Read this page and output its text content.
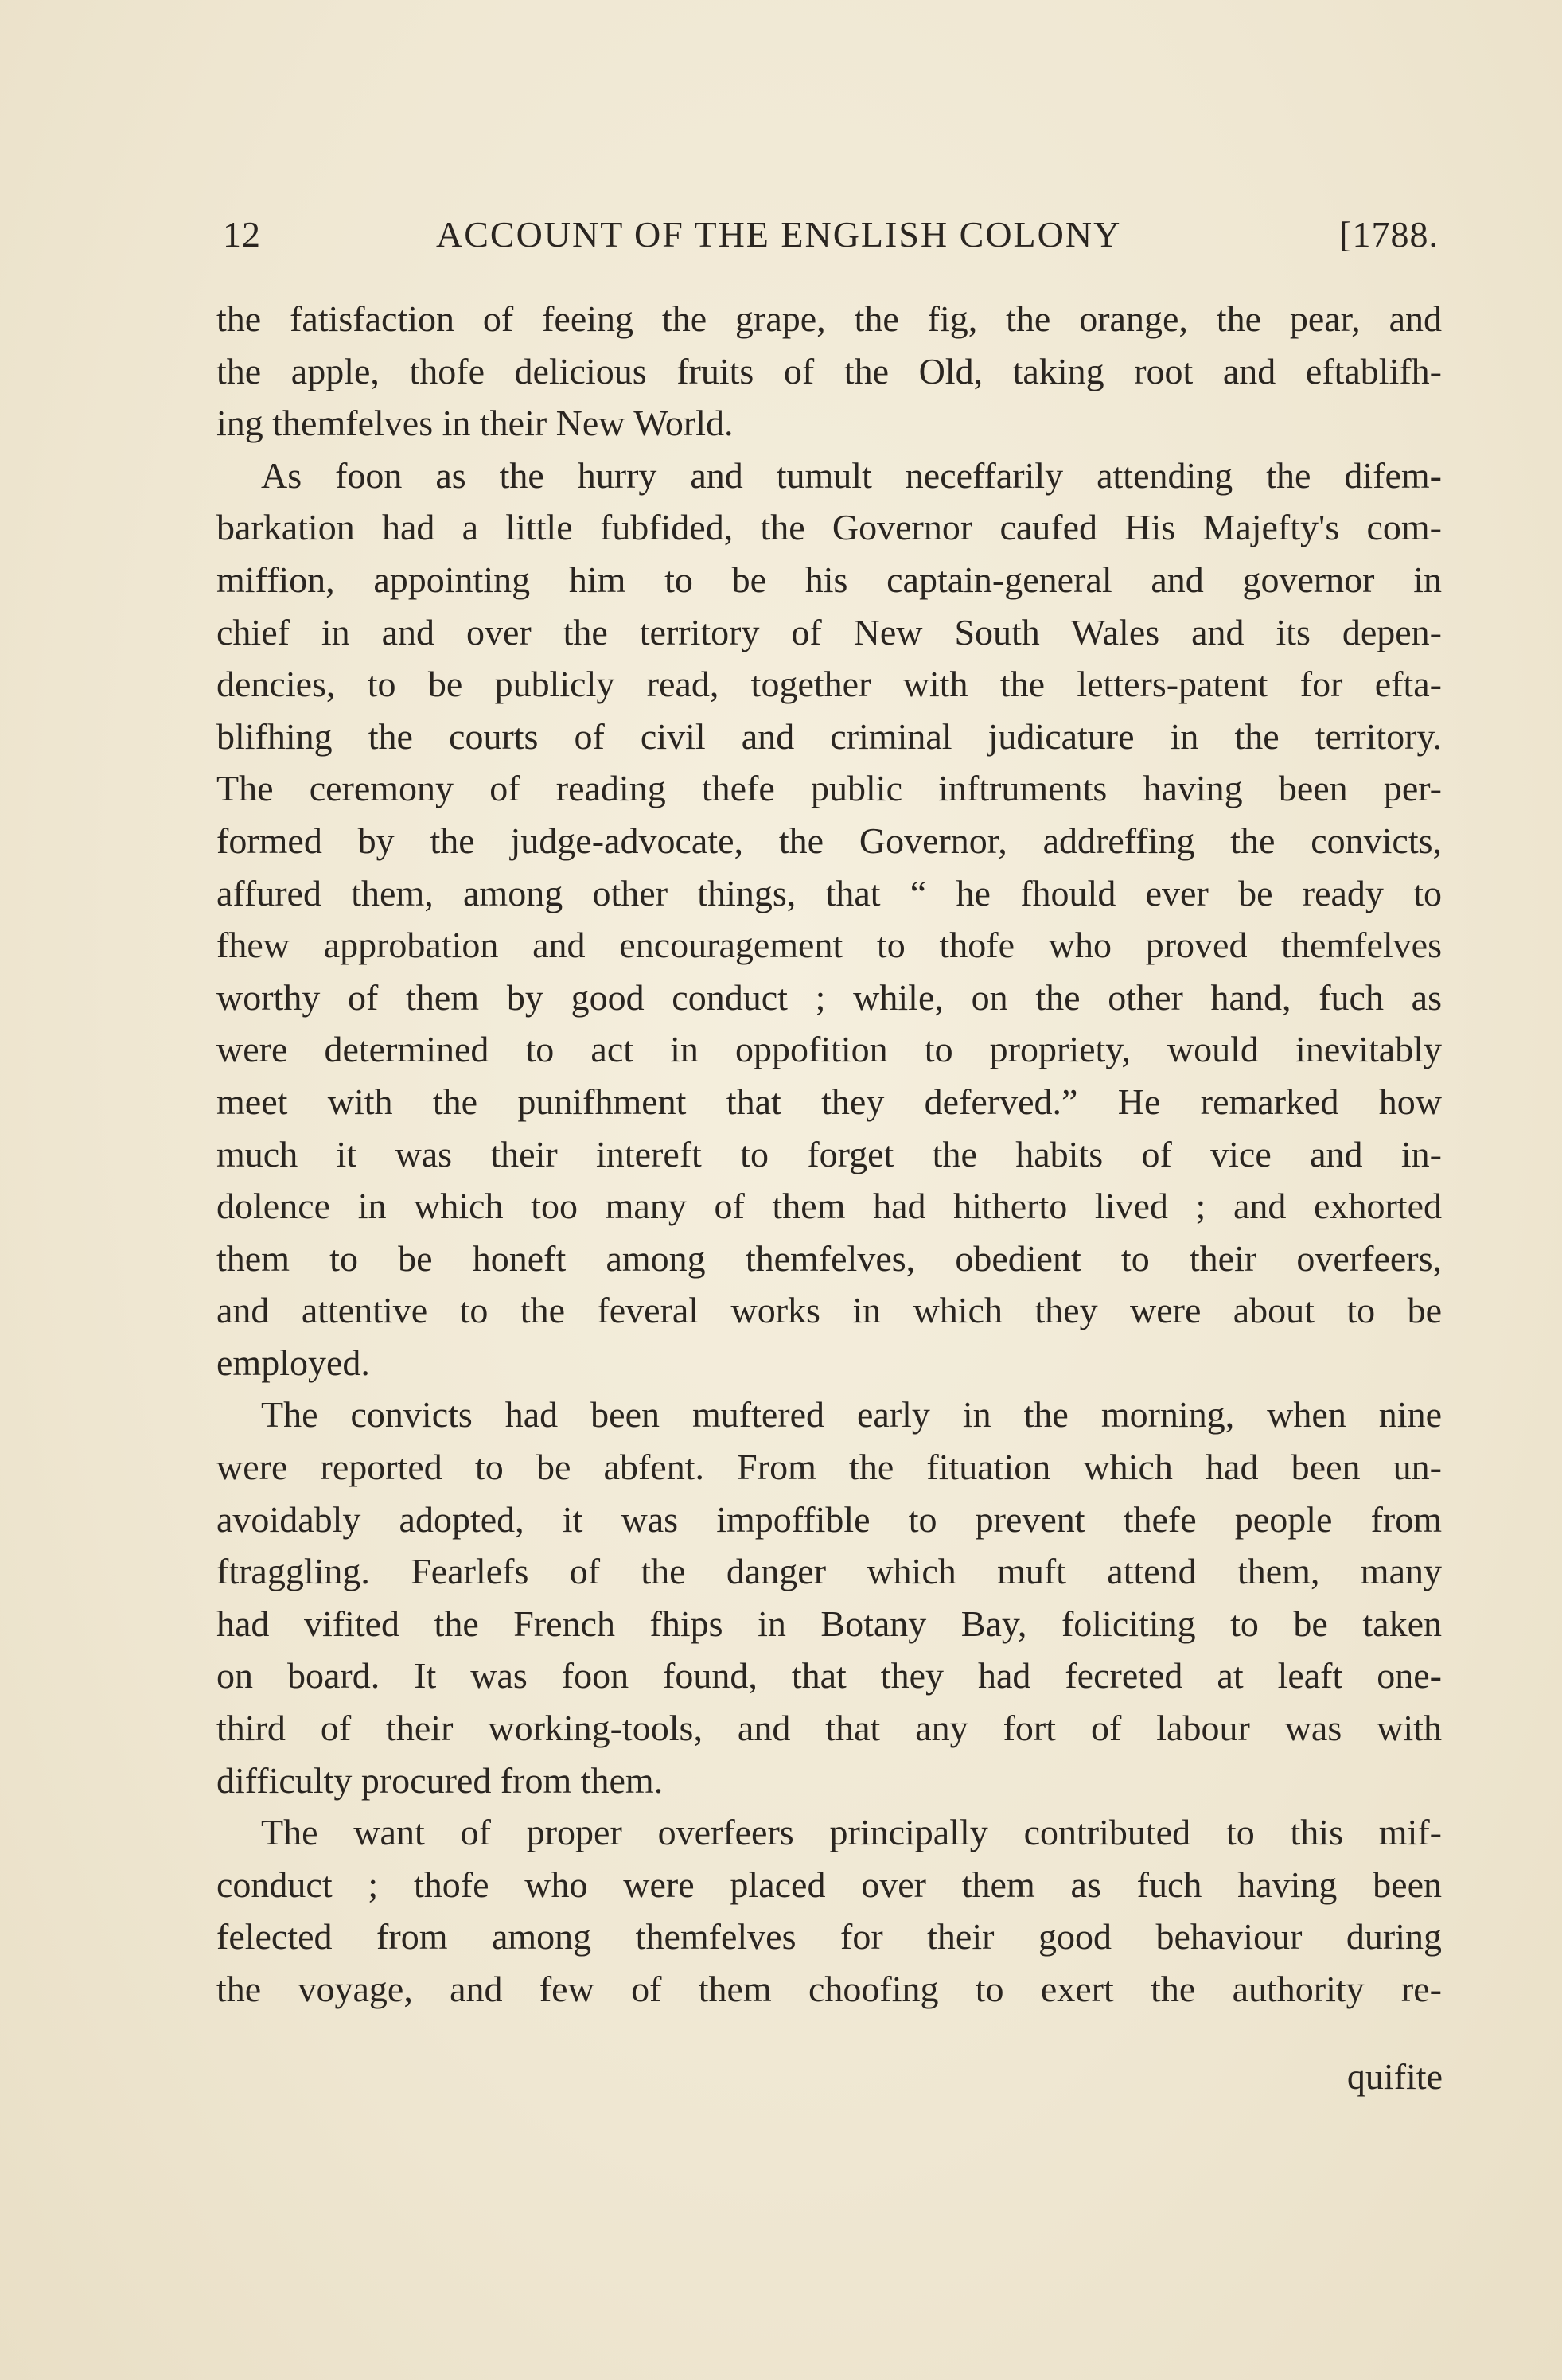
12	ACCOUNT OF THE ENGLISH COLONY	[1788.
the fatisfaction of feeing the grape, the fig, the orange, the pear, and
the apple, thofe delicious fruits of the Old, taking root and eftablifh-
ing themfelves in their New World.
As foon as the hurry and tumult neceffarily attending the difem-
barkation had a little fubfided, the Governor caufed His Majefty's com-
miffion, appointing him to be his captain-general and governor in
chief in and over the territory of New South Wales and its depen-
dencies, to be publicly read, together with the letters-patent for efta-
blifhing the courts of civil and criminal judicature in the territory.
The ceremony of reading thefe public inftruments having been per-
formed by the judge-advocate, the Governor, addreffing the convicts,
affured them, among other things, that “ he fhould ever be ready to
fhew approbation and encouragement to thofe who proved themfelves
worthy of them by good conduct ; while, on the other hand, fuch as
were determined to act in oppofition to propriety, would inevitably
meet with the punifhment that they deferved.” He remarked how
much it was their intereft to forget the habits of vice and in-
dolence in which too many of them had hitherto lived ; and exhorted
them to be honeft among themfelves, obedient to their overfeers,
and attentive to the feveral works in which they were about to be
employed.
The convicts had been muftered early in the morning, when nine
were reported to be abfent. From the fituation which had been un-
avoidably adopted, it was impoffible to prevent thefe people from
ftraggling. Fearlefs of the danger which muft attend them, many
had vifited the French fhips in Botany Bay, foliciting to be taken
on board. It was foon found, that they had fecreted at leaft one-
third of their working-tools, and that any fort of labour was with
difficulty procured from them.
The want of proper overfeers principally contributed to this mif-
conduct ; thofe who were placed over them as fuch having been
felected from among themfelves for their good behaviour during
the voyage, and few of them choofing to exert the authority re-
quifite
